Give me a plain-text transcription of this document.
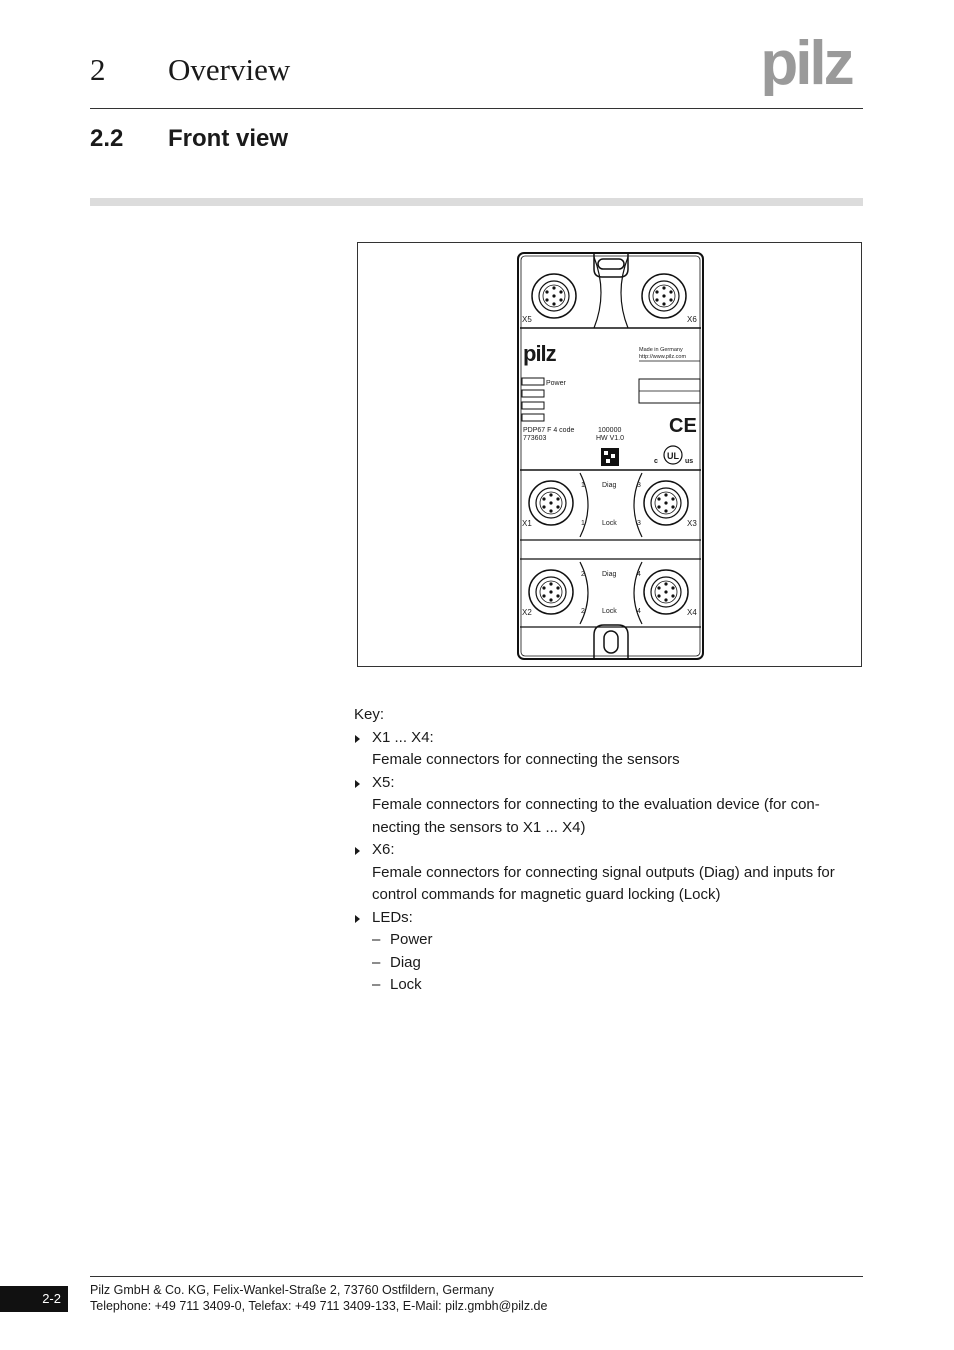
2 Overview	pilz
2.2 Front view
X5	X6
pilz	Made in Germany
http://www.pilz.com
Power
PDP67 F 4 code
773603
100000
HW V1.0
CE
UL
c	us
X1	X3
X2	X4
Diag
Lock
Diag
Lock
1
1
3
3
2
2
4
4

Key:

X1 ... X4:
Female connectors for connecting the sensors
X5:
Female connectors for connecting to the evaluation device (for con-
necting the sensors to X1 ... X4)
X6:
Female connectors for connecting signal outputs (Diag) and inputs for
control commands for magnetic guard locking (Lock)
LEDs:
– Power
– Diag
– Lock
2-2
Pilz GmbH & Co. KG, Felix-Wankel-Straße 2, 73760 Ostfildern, Germany
Telephone: +49 711 3409-0, Telefax: +49 711 3409-133, E-Mail: pilz.gmbh@pilz.de
